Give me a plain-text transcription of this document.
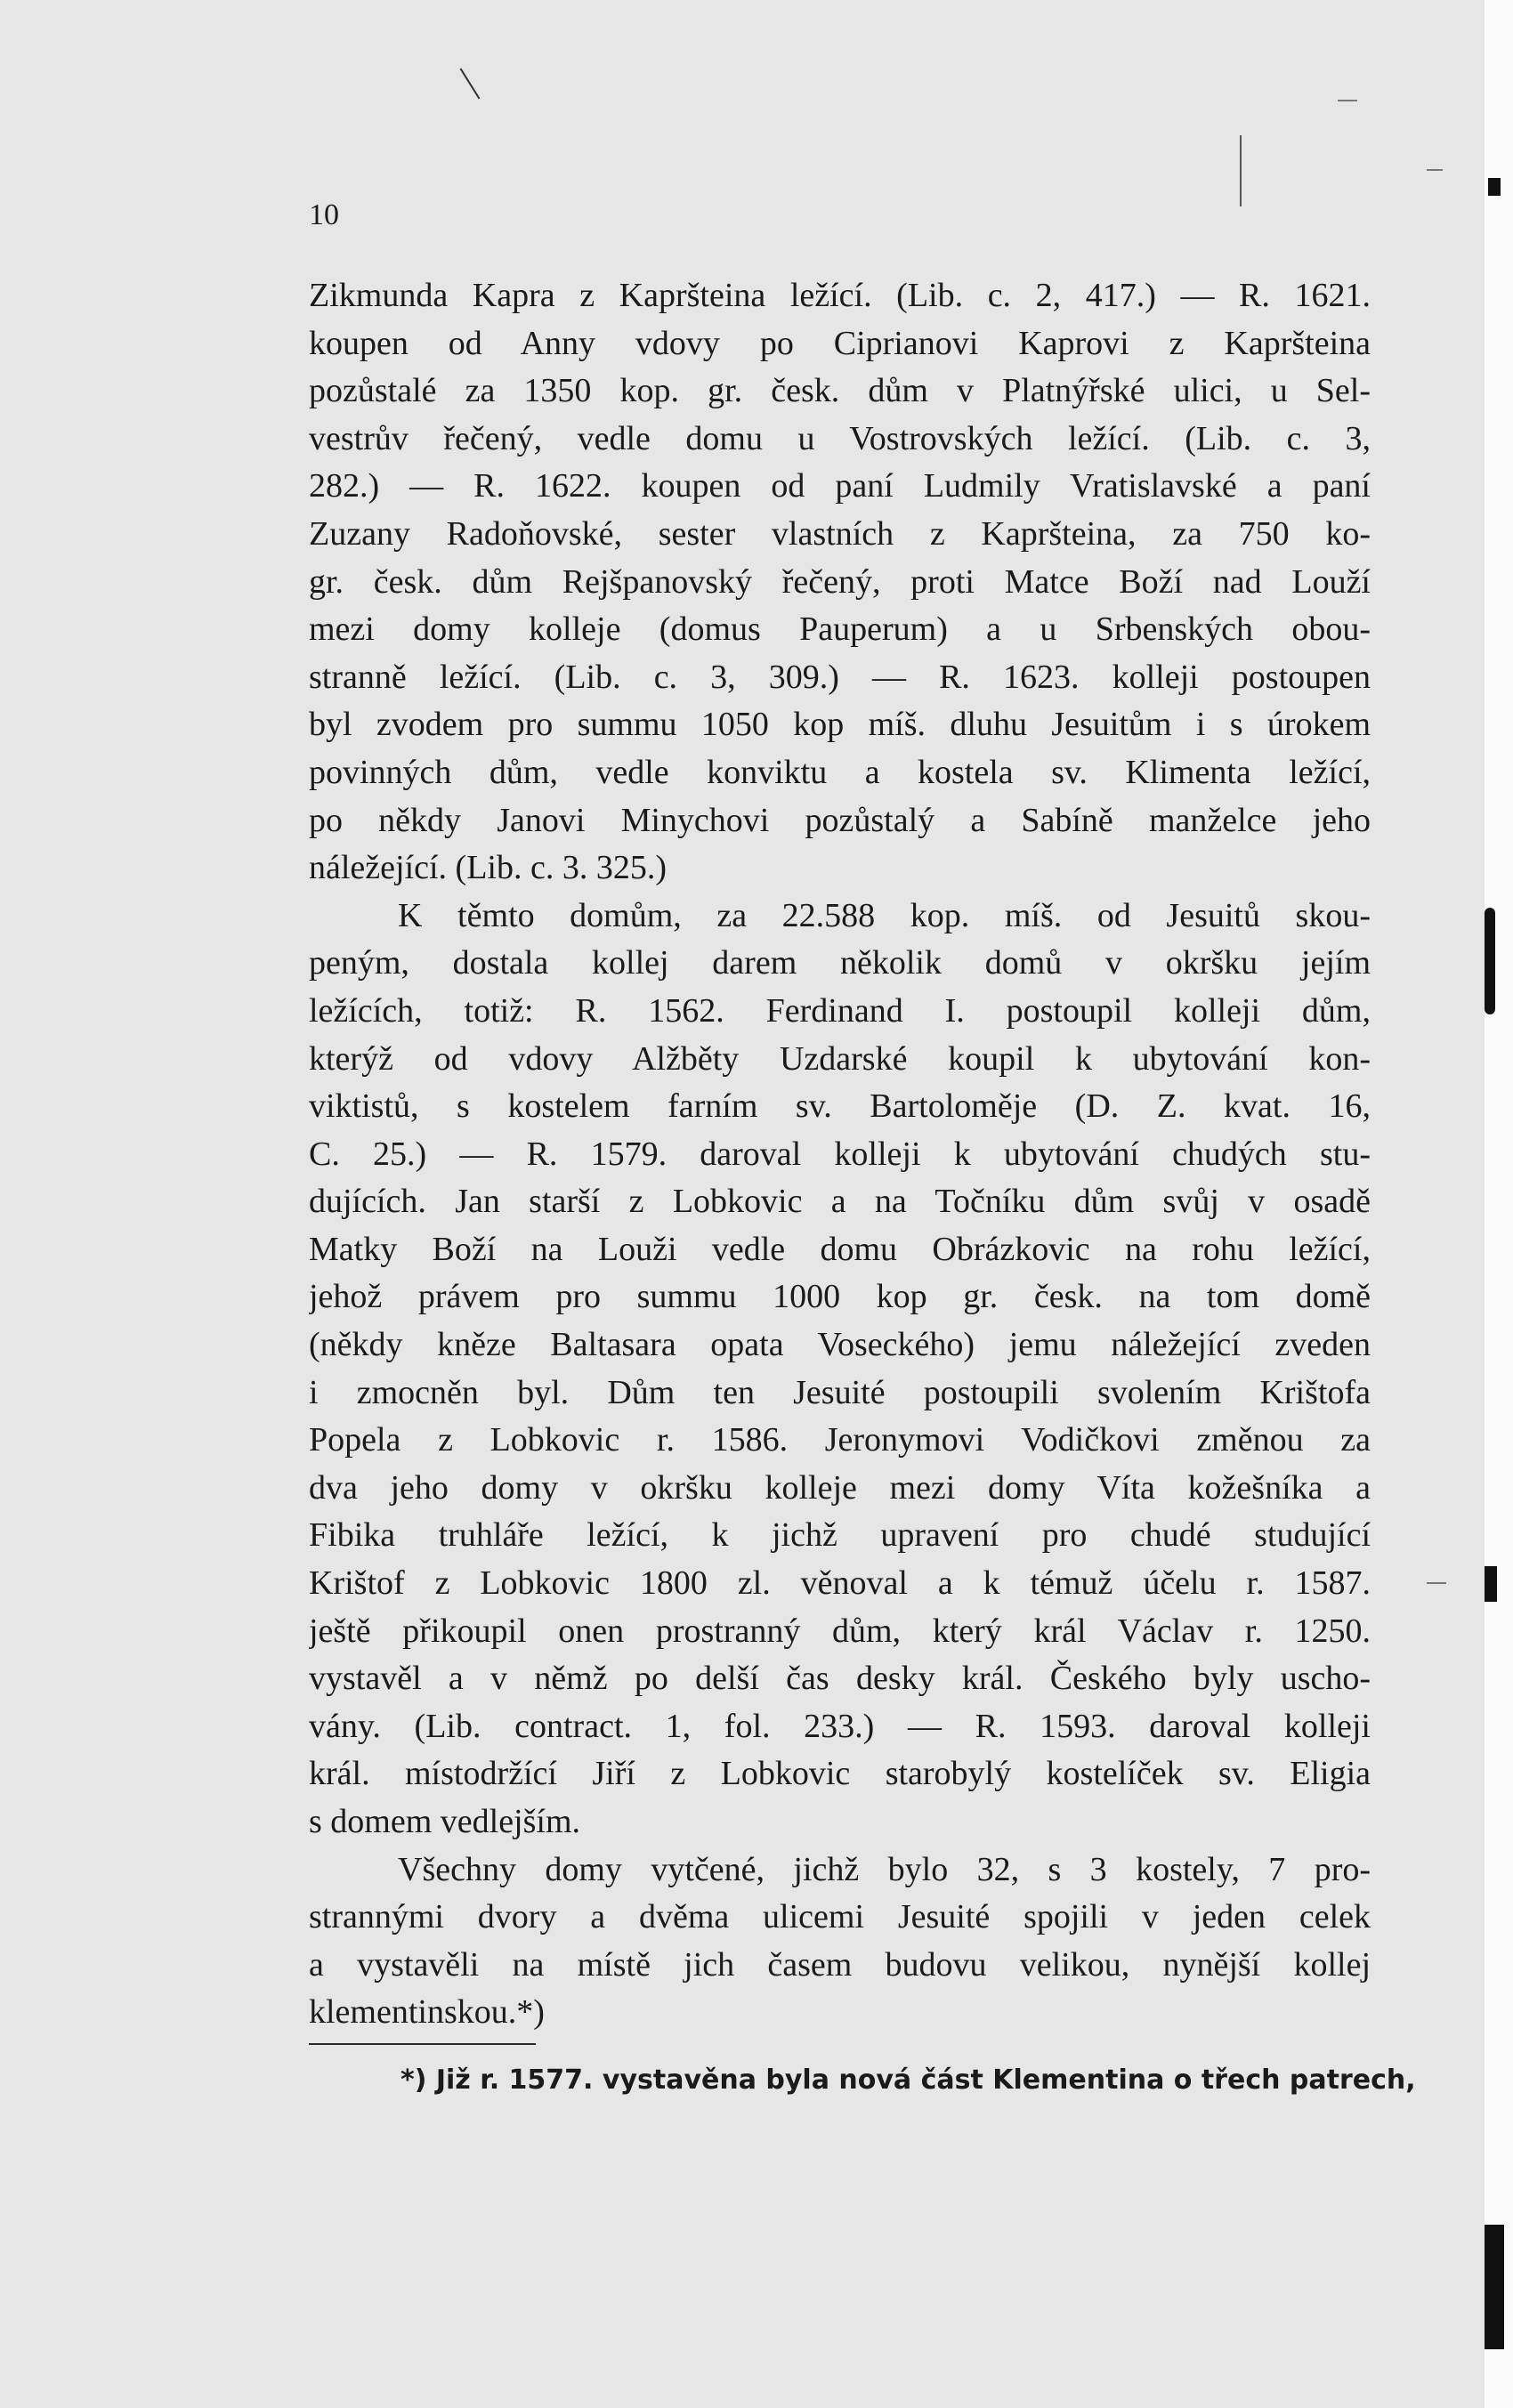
10
Zikmunda Kapra z Kapršteina ležící. (Lib. c. 2, 417.) — R. 1621.
koupen od Anny vdovy po Ciprianovi Kaprovi z Kapršteina
pozůstalé za 1350 kop. gr. česk. dům v Platnýřské ulici, u Sel-
vestrův řečený, vedle domu u Vostrovských ležící. (Lib. c. 3,
282.) — R. 1622. koupen od paní Ludmily Vratislavské a paní
Zuzany Radoňovské, sester vlastních z Kapršteina, za 750 ko-
gr. česk. dům Rejšpanovský řečený, proti Matce Boží nad Louží
mezi domy kolleje (domus Pauperum) a u Srbenských obou-
stranně ležící. (Lib. c. 3, 309.) — R. 1623. kolleji postoupen
byl zvodem pro summu 1050 kop míš. dluhu Jesuitům i s úrokem
povinných dům, vedle konviktu a kostela sv. Klimenta ležící,
po někdy Janovi Minychovi pozůstalý a Sabíně manželce jeho
náležející. (Lib. c. 3. 325.)
K těmto domům, za 22.588 kop. míš. od Jesuitů skou-
peným, dostala kollej darem několik domů v okršku jejím
ležících, totiž: R. 1562. Ferdinand I. postoupil kolleji dům,
kterýž od vdovy Alžběty Uzdarské koupil k ubytování kon-
viktistů, s kostelem farním sv. Bartoloměje (D. Z. kvat. 16,
C. 25.) — R. 1579. daroval kolleji k ubytování chudých stu-
dujících. Jan starší z Lobkovic a na Točníku dům svůj v osadě
Matky Boží na Louži vedle domu Obrázkovic na rohu ležící,
jehož právem pro summu 1000 kop gr. česk. na tom domě
(někdy kněze Baltasara opata Voseckého) jemu náležející zveden
i zmocněn byl. Dům ten Jesuité postoupili svolením Krištofa
Popela z Lobkovic r. 1586. Jeronymovi Vodičkovi změnou za
dva jeho domy v okršku kolleje mezi domy Víta kožešníka a
Fibika truhláře ležící, k jichž upravení pro chudé studující
Krištof z Lobkovic 1800 zl. věnoval a k témuž účelu r. 1587.
ještě přikoupil onen prostranný dům, který král Václav r. 1250.
vystavěl a v němž po delší čas desky král. Českého byly uscho-
vány. (Lib. contract. 1, fol. 233.) — R. 1593. daroval kolleji
král. místodržící Jiří z Lobkovic starobylý kostelíček sv. Eligia
s domem vedlejším.
Všechny domy vytčené, jichž bylo 32, s 3 kostely, 7 pro-
strannými dvory a dvěma ulicemi Jesuité spojili v jeden celek
a vystavěli na místě jich časem budovu velikou, nynější kollej
klementinskou.*)
*) Již r. 1577. vystavěna byla nová část Klementina o třech patrech,
